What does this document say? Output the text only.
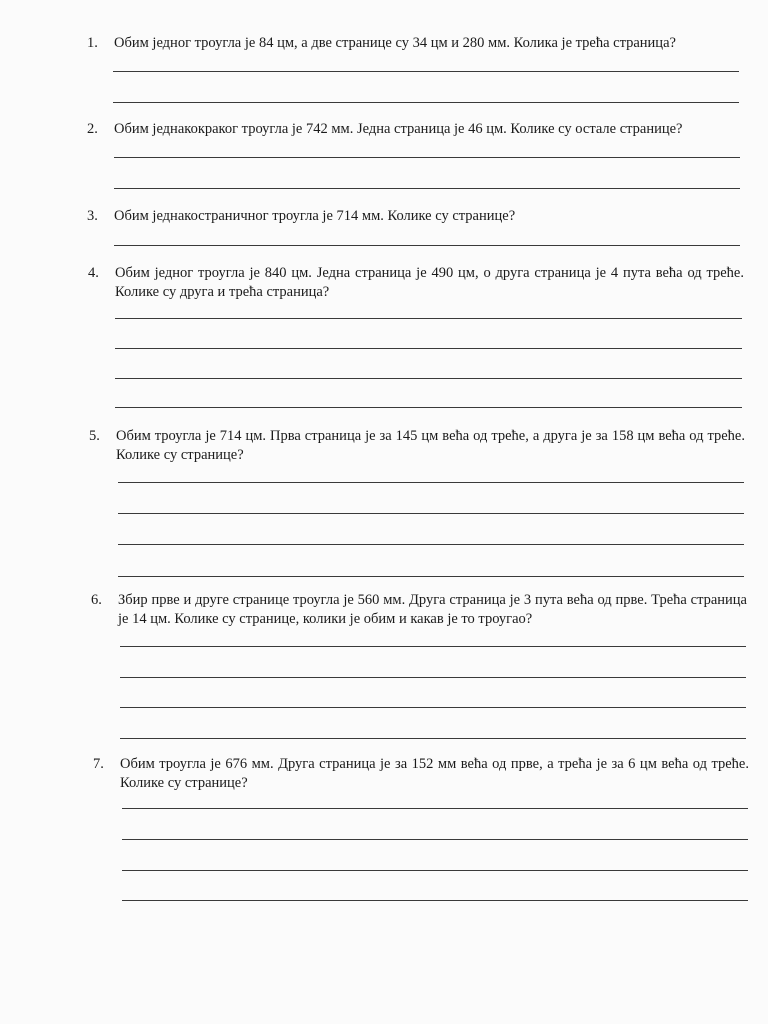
1. Обим једног троугла је 84 цм, а две странице су 34 цм и 280 мм. Колика је трећа страница?
2. Обим једнакокраког троугла је 742 мм. Једна страница је 46 цм. Колике су остале странице?
3. Обим једнакостраничног троугла је 714 мм. Колике су странице?
4. Обим једног троугла је 840 цм. Једна страница је 490 цм, о друга страница је 4 пута већа од треће. Колике су друга и трећа страница?
5. Обим троугла је 714 цм. Прва страница је за 145 цм већа од треће, а друга је за 158 цм већа од треће. Колике су странице?
6. Збир прве и друге странице троугла је 560 мм. Друга страница је 3 пута већа од прве. Трећа страница је 14 цм. Колике су странице, колики је обим и какав је то троугао?
7. Обим троугла је 676 мм. Друга страница је за 152 мм већа од прве, а трећа је за 6 цм већа од треће. Колике су странице?
